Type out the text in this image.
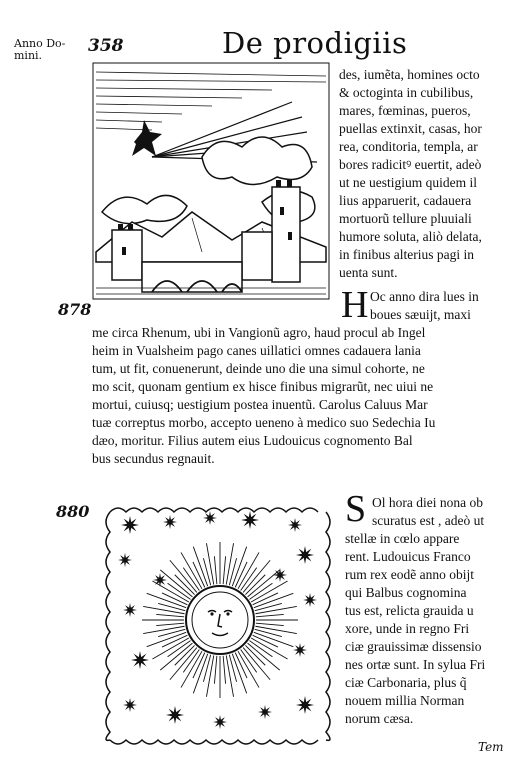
Anno Do-
mini.	358	De prodigiis
des, iumẽta, homines octo
& octoginta in cubilibus,
mares, fœminas, pueros,
puellas extinxit, casas, hor
rea, conditoria, templa, ar
bores radicitꝰ euertit, adeò
ut ne uestigium quidem il
lius apparuerit, cadauera
mortuorũ tellure pluuiali
humore soluta, aliò delata,
in finibus alterius pagi in
uenta sunt.
878	H Oc anno dira lues in
boues sæuijt, maxi
me circa Rhenum, ubi in Vangionũ agro, haud procul ab Ingel
heim in Vualsheim pago canes uillatici omnes cadauera lania
tum, ut fit, conuenerunt, deinde uno die una simul cohorte, ne
mo scit, quonam gentium ex hisce finibus migrarũt, nec uiui ne
mortui, cuiusq; uestigium postea inuentũ. Carolus Caluus Mar
tuæ correptus morbo, accepto ueneno à medico suo Sedechia Iu
dæo, moritur. Filius autem eius Ludouicus cognomento Bal
bus secundus regnauit.
880	S Ol hora diei nona ob
scuratus est , adeò ut
stellæ in cœlo appare
rent. Ludouicus Franco
rum rex eodẽ anno obijt
qui Balbus cognomina
tus est, relicta grauida u
xore, unde in regno Fri
ciæ grauissimæ dissensio
nes ortæ sunt. In sylua Fri
ciæ Carbonaria, plus q̃
nouem millia Norman
norum cæsa.
Tem
